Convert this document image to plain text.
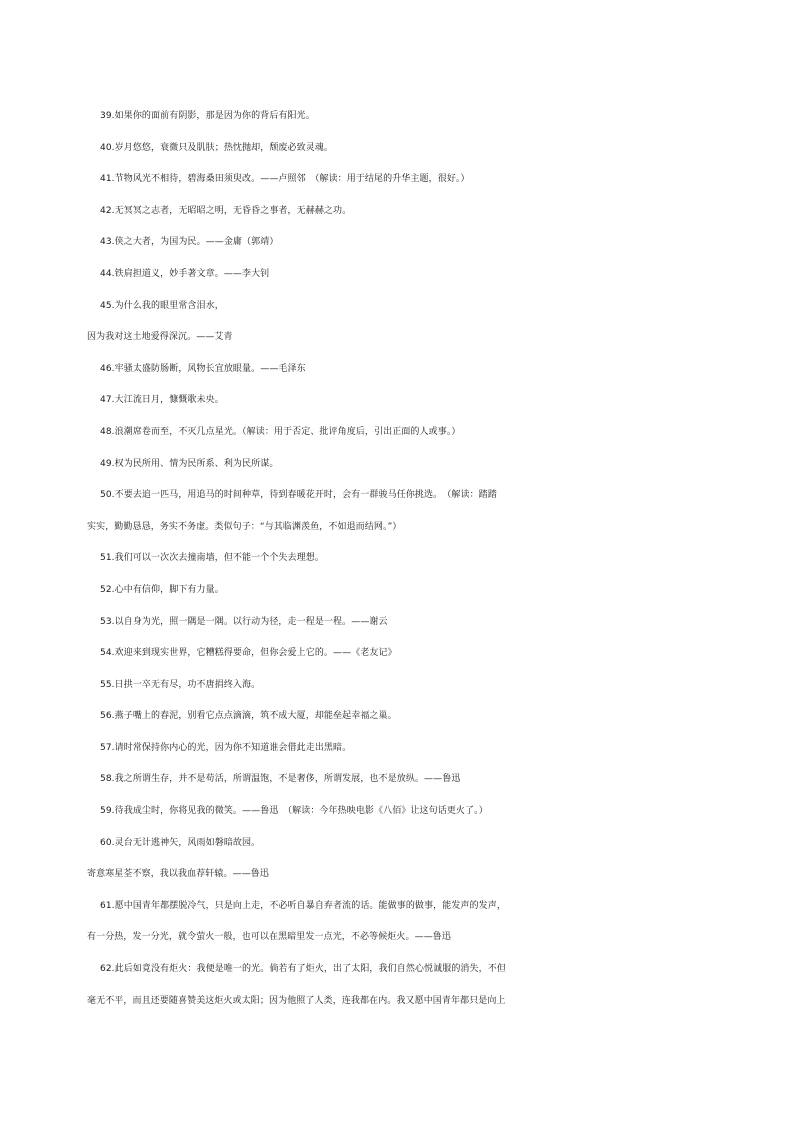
39.如果你的面前有阴影，那是因为你的背后有阳光。
40.岁月悠悠，衰微只及肌肤；热忱抛却，颓废必致灵魂。
41.节物风光不相待，碧海桑田须臾改。——卢照邻　（解读：用于结尾的升华主题，很好。）
42.无冥冥之志者，无昭昭之明，无昏昏之事者，无赫赫之功。
43.侠之大者，为国为民。——金庸（郭靖）
44.铁肩担道义，妙手著文章。——李大钊
45.为什么我的眼里常含泪水，
因为我对这土地爱得深沉。——艾青
46.牢骚太盛防肠断，风物长宜放眼量。——毛泽东
47.大江流日月，慷慨歌未央。
48.浪潮席卷而至，不灭几点星光。（解读：用于否定、批评角度后，引出正面的人或事。）
49.权为民所用、情为民所系、利为民所谋。
50.不要去追一匹马，用追马的时间种草，待到春暖花开时，会有一群骏马任你挑选。　（解读：踏踏
实实，勤勤恳恳，务实不务虚。类似句子：“与其临渊羡鱼，不如退而结网。”）
51.我们可以一次次去撞南墙，但不能一个个失去理想。
52.心中有信仰，脚下有力量。
53.以自身为光，照一隅是一隅。以行动为径，走一程是一程。——谢云
54.欢迎来到现实世界，它糟糕得要命，但你会爱上它的。——《老友记》
55.日拱一卒无有尽，功不唐捐终入海。
56.燕子嘴上的春泥，别看它点点滴滴，筑不成大厦，却能垒起幸福之巢。
57.请时常保持你内心的光，因为你不知道谁会借此走出黑暗。
58.我之所谓生存，并不是苟活，所谓温饱，不是奢侈，所谓发展，也不是放纵。——鲁迅
59.待我成尘时，你将见我的微笑。——鲁迅　（解读：今年热映电影《八佰》让这句话更火了。）
60.灵台无计逃神矢，风雨如磐暗故园。
寄意寒星荃不察，我以我血荐轩辕。——鲁迅
61.愿中国青年都摆脱冷气，只是向上走，不必听自暴自弃者流的话。能做事的做事，能发声的发声，
有一分热，发一分光，就令萤火一般，也可以在黑暗里发一点光，不必等候炬火。——鲁迅
62.此后如竟没有炬火：我便是唯一的光。倘若有了炬火，出了太阳，我们自然心悦诚服的消失，不但
毫无不平，而且还要随喜赞美这炬火或太阳；因为他照了人类，连我都在内。我又愿中国青年都只是向上
